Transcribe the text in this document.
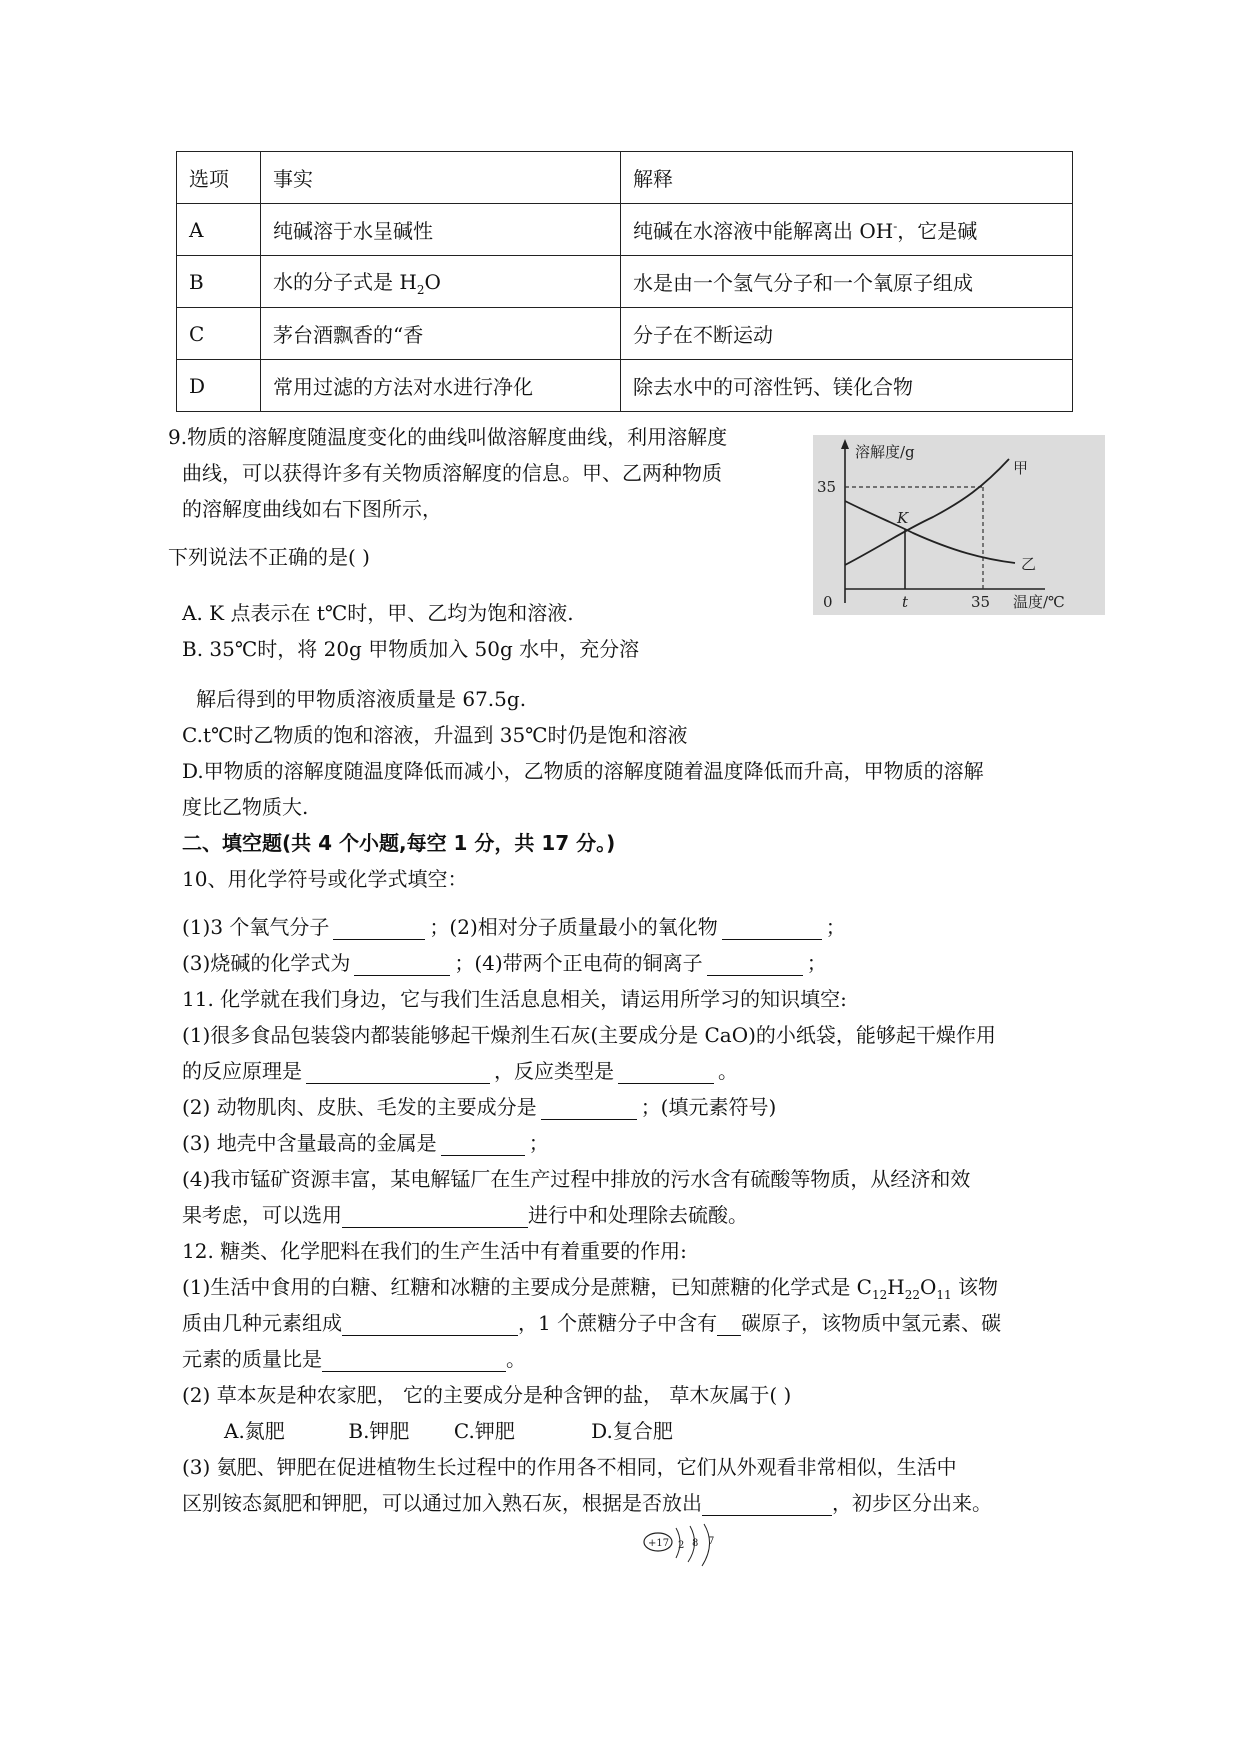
选项	事实	解释
A	纯碱溶于水呈碱性	纯碱在水溶液中能解离出 OH-，它是碱
B	水的分子式是 $H_2O$	水是由一个氢气分子和一个氧原子组成
C	茅台酒飘香的“香	分子在不断运动
D	常用过滤的方法对水进行净化	除去水中的可溶性钙、镁化合物
9.物质的溶解度随温度变化的曲线叫做溶解度曲线，利用溶解度
曲线，可以获得许多有关物质溶解度的信息。甲、乙两种物质
的溶解度曲线如右下图所示，
下列说法不正确的是( )
溶解度/g
35
甲
乙
K
0	t	35 温度/℃
A. K 点表示在 t℃时，甲、乙均为饱和溶液.
B. 35℃时，将 20g 甲物质加入 50g 水中，充分溶
解后得到的甲物质溶液质量是 67.5g.
C.t℃时乙物质的饱和溶液，升温到 35℃时仍是饱和溶液
D.甲物质的溶解度随温度降低而减小，乙物质的溶解度随着温度降低而升高，甲物质的溶解
度比乙物质大.
二、填空题(共 4 个小题,每空 1 分，共 17 分。)
10、用化学符号或化学式填空：
(1)3 个氧气分子	；(2)相对分子质量最小的氧化物	；
(3)烧碱的化学式为	；(4)带两个正电荷的铜离子	；
11. 化学就在我们身边，它与我们生活息息相关，请运用所学习的知识填空:
(1)很多食品包装袋内都装能够起干燥剂生石灰(主要成分是 CaO)的小纸袋，能够起干燥作用
的反应原理是	，反应类型是	。
(2) 动物肌肉、皮肤、毛发的主要成分是	；(填元素符号)
(3) 地壳中含量最高的金属是	；
(4)我市锰矿资源丰富，某电解锰厂在生产过程中排放的污水含有硫酸等物质，从经济和效
果考虑，可以选用	进行中和处理除去硫酸。
12. 糖类、化学肥料在我们的生产生活中有着重要的作用:
(1)生活中食用的白糖、红糖和冰糖的主要成分是蔗糖，已知蔗糖的化学式是 $C_{12}H_{22}O_{11}$ 该物
质由几种元素组成	，1 个蔗糖分子中含有 碳原子，该物质中氢元素、碳
元素的质量比是	。
(2) 草本灰是种农家肥， 它的主要成分是种含钾的盐， 草木灰属于( )
A.氮肥          B.钾肥       C.钾肥            D.复合肥
(3) 氨肥、钾肥在促进植物生长过程中的作用各不相同，它们从外观看非常相似，生活中
区别铵态氮肥和钾肥，可以通过加入熟石灰，根据是否放出	，初步区分出来。
+17 2 8 7
